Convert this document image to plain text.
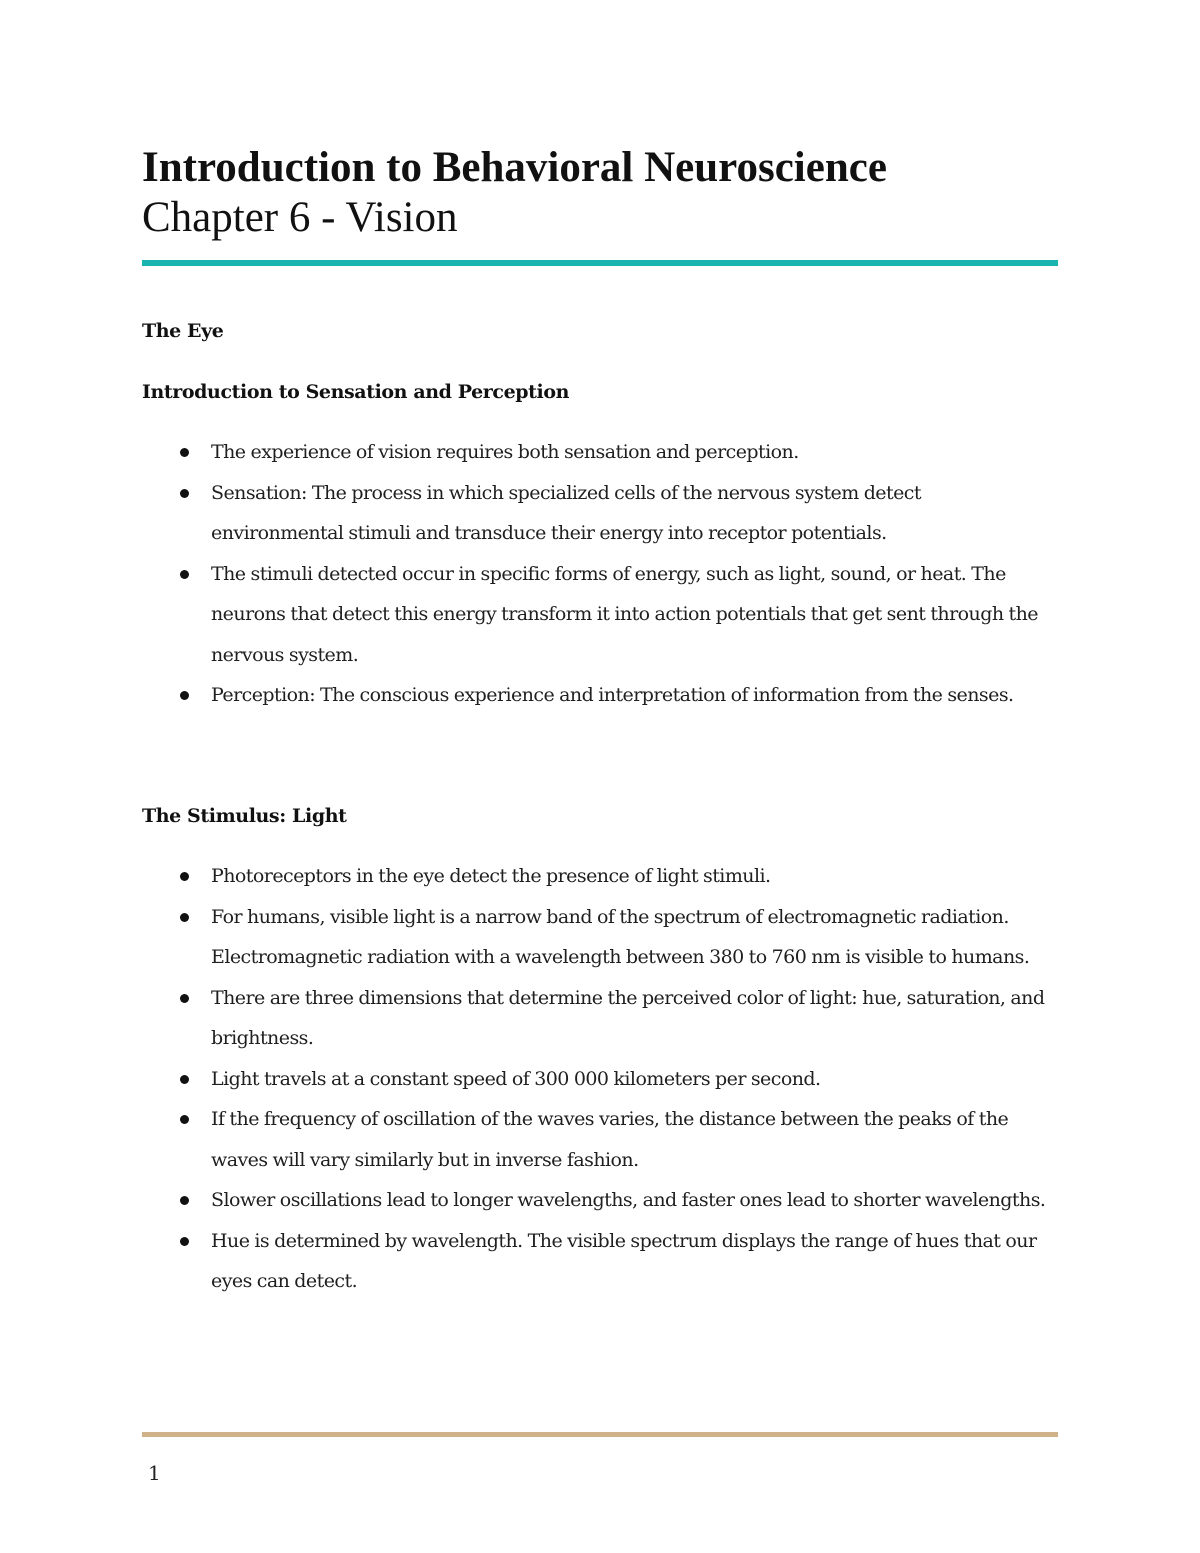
Introduction to Behavioral Neuroscience
Chapter 6 - Vision
The Eye
Introduction to Sensation and Perception
The experience of vision requires both sensation and perception.
Sensation: The process in which specialized cells of the nervous system detect environmental stimuli and transduce their energy into receptor potentials.
The stimuli detected occur in specific forms of energy, such as light, sound, or heat. The neurons that detect this energy transform it into action potentials that get sent through the nervous system.
Perception: The conscious experience and interpretation of information from the senses.
The Stimulus: Light
Photoreceptors in the eye detect the presence of light stimuli.
For humans, visible light is a narrow band of the spectrum of electromagnetic radiation. Electromagnetic radiation with a wavelength between 380 to 760 nm is visible to humans.
There are three dimensions that determine the perceived color of light: hue, saturation, and brightness.
Light travels at a constant speed of 300 000 kilometers per second.
If the frequency of oscillation of the waves varies, the distance between the peaks of the waves will vary similarly but in inverse fashion.
Slower oscillations lead to longer wavelengths, and faster ones lead to shorter wavelengths.
Hue is determined by wavelength. The visible spectrum displays the range of hues that our eyes can detect.
1
